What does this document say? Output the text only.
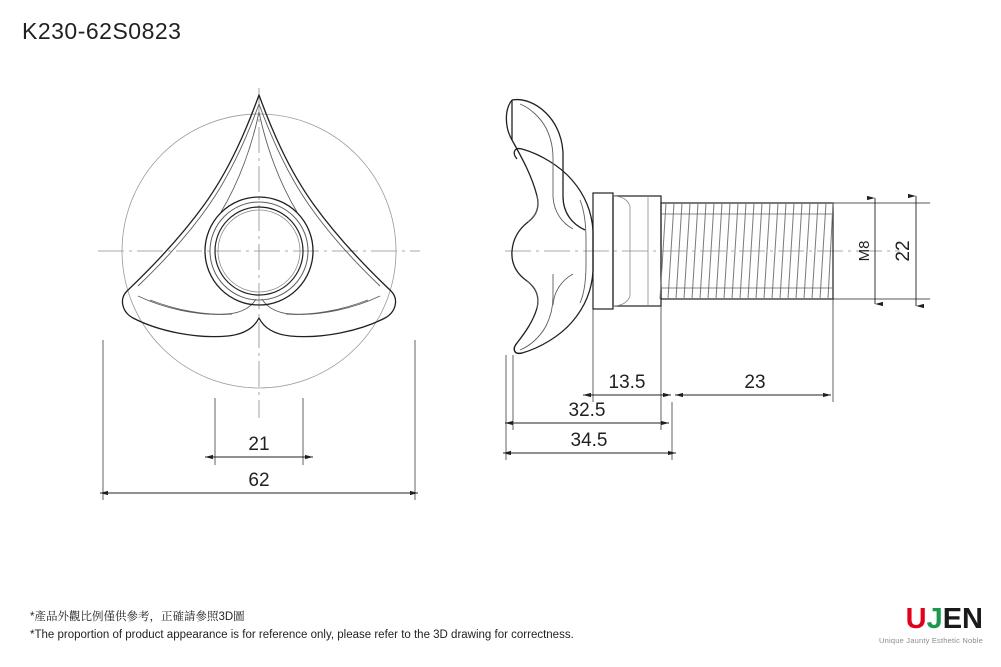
K230-62S0823
21
62
M8 22
13.5	23
32.5
34.5
*產品外觀比例僅供參考，正確請參照3D圖
*The proportion of product appearance is for reference only, please refer to the 3D drawing for correctness.
UJEN
Unique Jaunty Esthetic Noble
